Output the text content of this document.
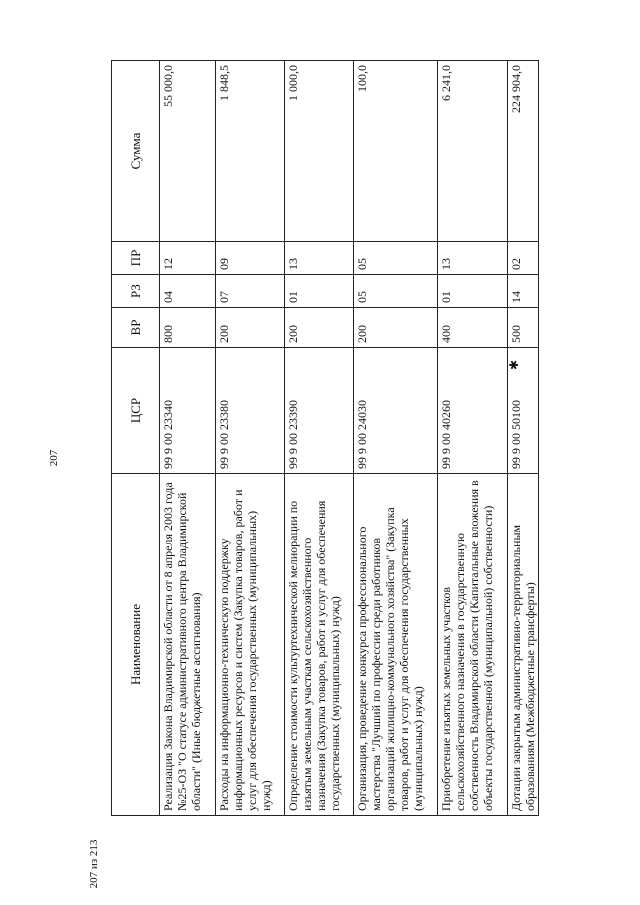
207
✱
207 из 213
Наименование	ЦСР	ВР	РЗ	ПР	Сумма
Реализация Закона Владимирской области от 8 апреля 2003 года №25-ОЗ "О статусе административного центра Владимирской области" (Иные бюджетные ассигнования)	99 9 00 23340	800	04	12	55 000,0
Расходы на информационно-техническую поддержку информационных ресурсов и систем (Закупка товаров, работ и услуг для обеспечения государственных (муниципальных) нужд)	99 9 00 23380	200	07	09	1 848,5
Определение стоимости культуртехнической мелиорации по изъятым земельным участкам сельскохозяйственного назначения (Закупка товаров, работ и услуг для обеспечения государственных (муниципальных) нужд)	99 9 00 23390	200	01	13	1 000,0
Организация, проведение конкурса профессионального мастерства "Лучший по профессии среди работников организаций жилищно-коммунального хозяйства" (Закупка товаров, работ и услуг для обеспечения государственных (муниципальных) нужд)	99 9 00 24030	200	05	05	100,0
Приобретение изъятых земельных участков сельскохозяйственного назначения в государственную собственность Владимирской области (Капитальные вложения в объекты государственной (муниципальной) собственности)	99 9 00 40260	400	01	13	6 241,0
Дотации закрытым административно-территориальным образованиям (Межбюджетные трансферты)	99 9 00 50100	500	14	02	224 904,0
